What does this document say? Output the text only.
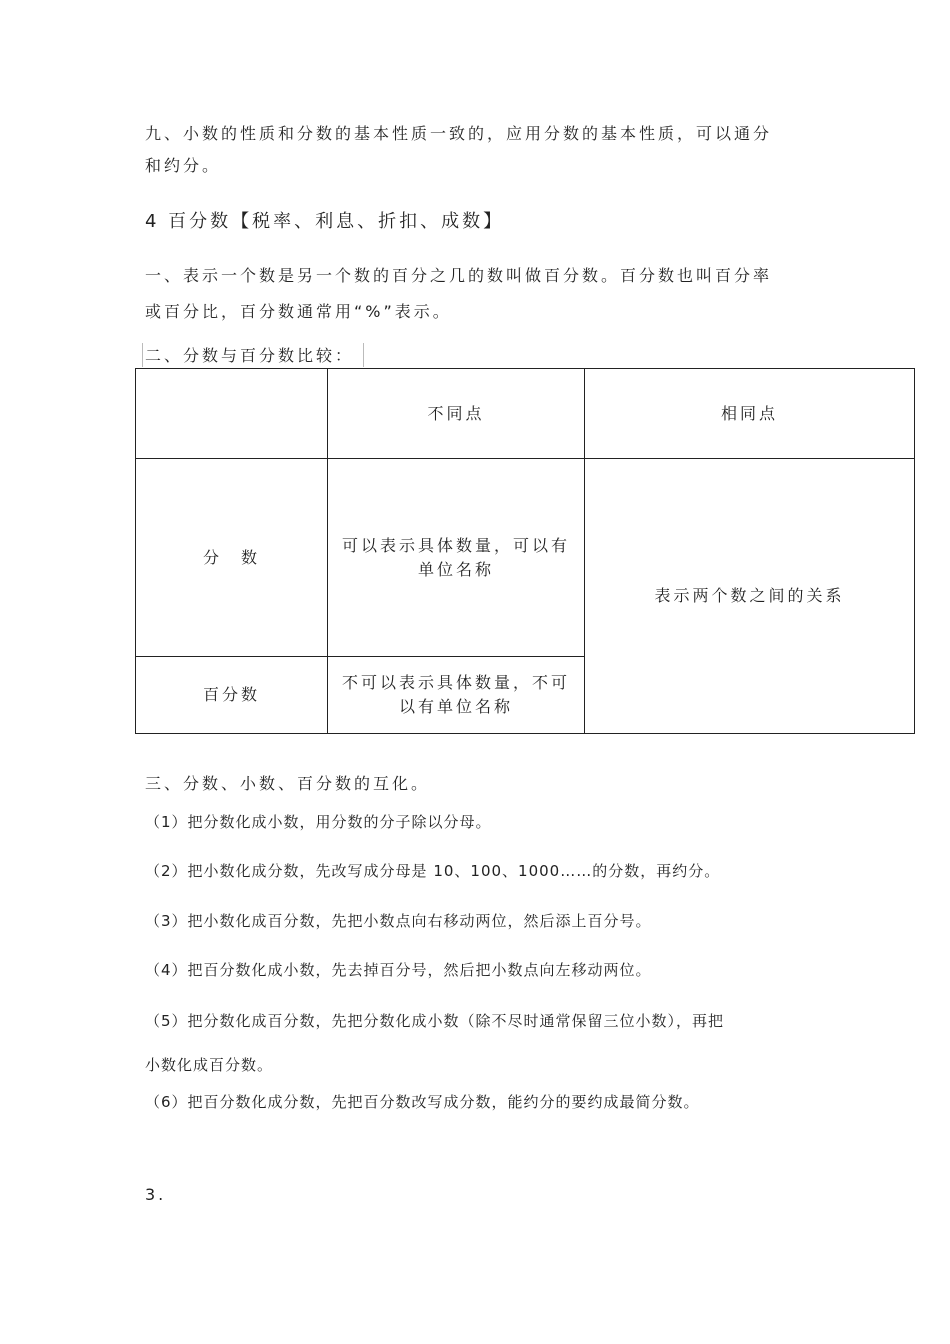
九、小数的性质和分数的基本性质一致的，应用分数的基本性质，可以通分
和约分。
4 百分数【税率、利息、折扣、成数】
一、表示一个数是另一个数的百分之几的数叫做百分数。百分数也叫百分率
或百分比，百分数通常用“%”表示。
二、分数与百分数比较：
	不同点	相同点
分　数	可以表示具体数量，可以有单位名称	表示两个数之间的关系
百分数	不可以表示具体数量，不可以有单位名称	
三、分数、小数、百分数的互化。
（1）把分数化成小数，用分数的分子除以分母。
（2）把小数化成分数，先改写成分母是 10、100、1000……的分数，再约分。
（3）把小数化成百分数，先把小数点向右移动两位，然后添上百分号。
（4）把百分数化成小数，先去掉百分号，然后把小数点向左移动两位。
（5）把分数化成百分数，先把分数化成小数（除不尽时通常保留三位小数），再把
小数化成百分数。
（6）把百分数化成分数，先把百分数改写成分数，能约分的要约成最简分数。
3.
